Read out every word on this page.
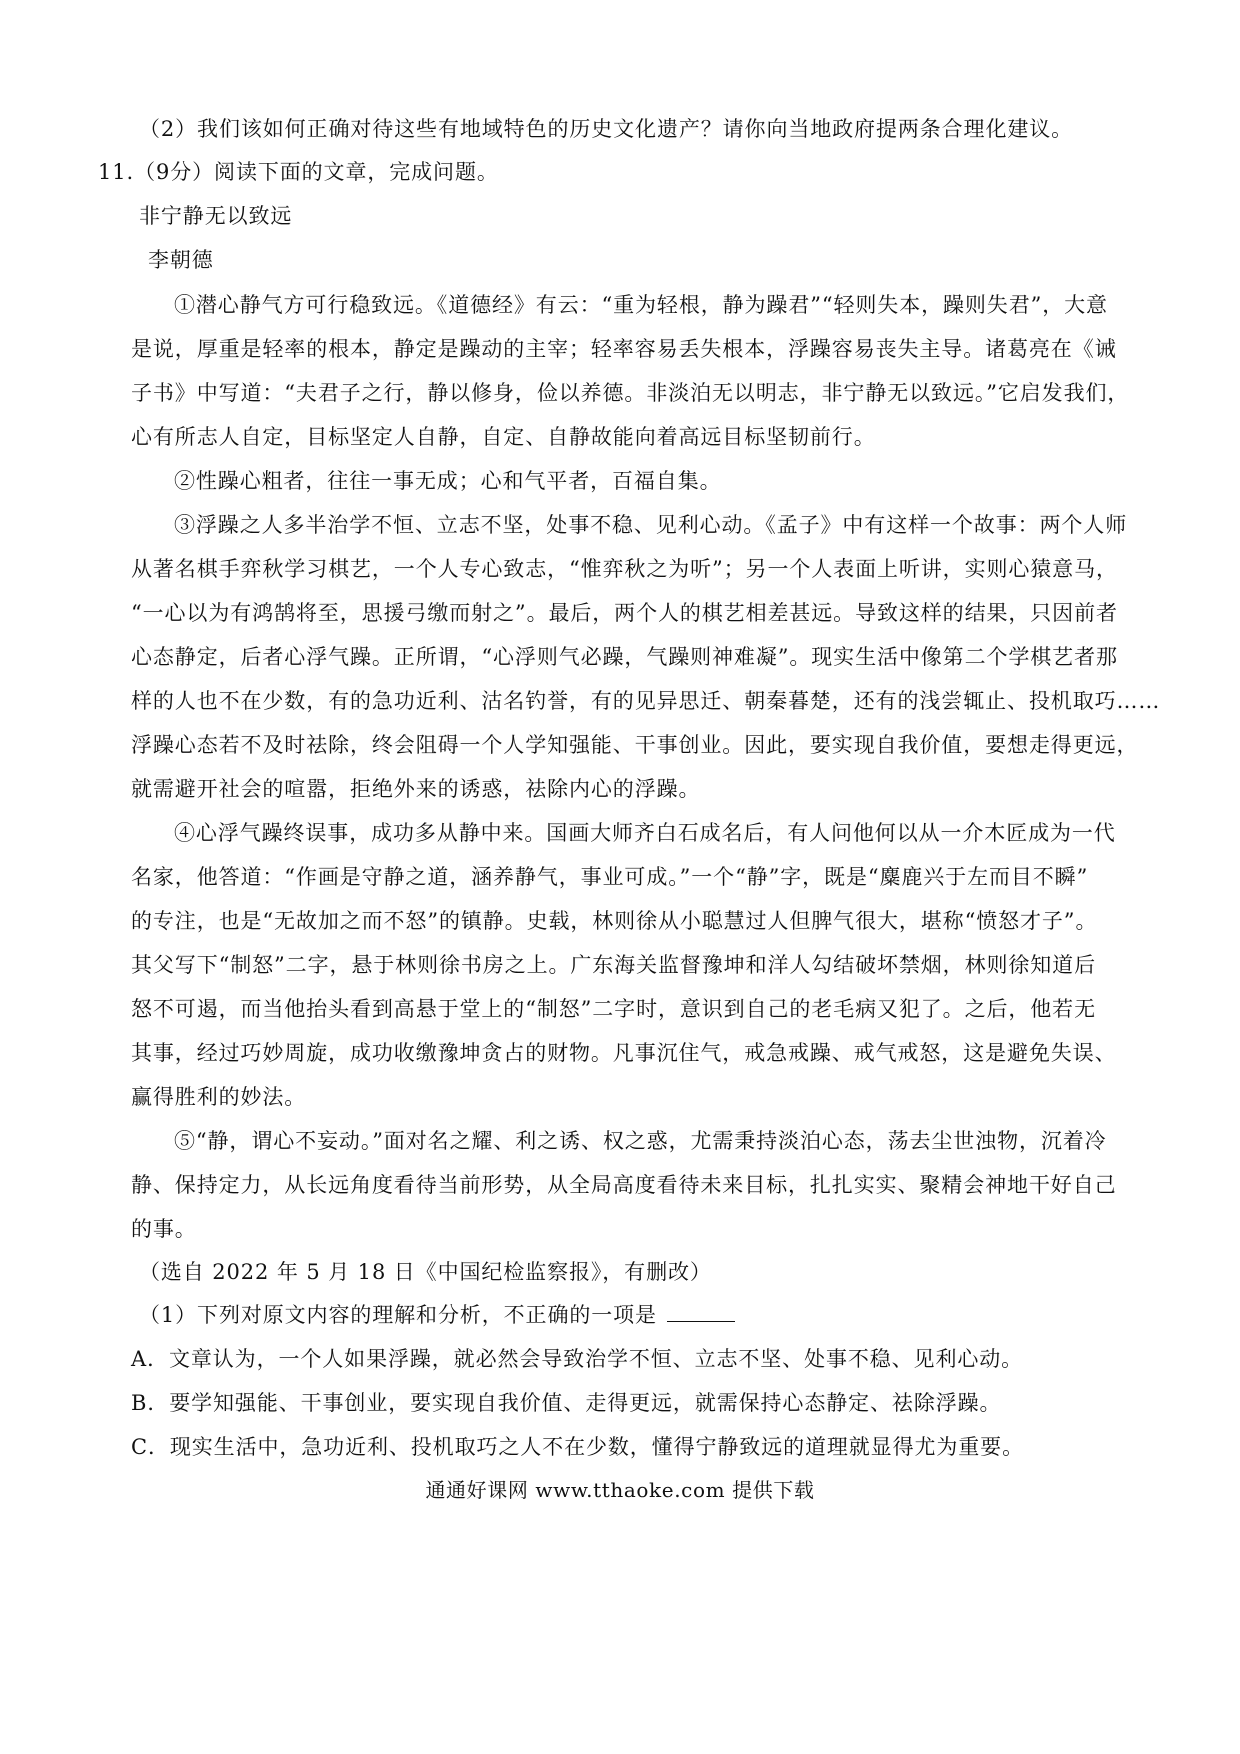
（2）我们该如何正确对待这些有地域特色的历史文化遗产？请你向当地政府提两条合理化建议。

11.（9分）阅读下面的文章，完成问题。

非宁静无以致远

李朝德

①潜心静气方可行稳致远。《道德经》有云：“重为轻根，静为躁君”“轻则失本，躁则失君”，大意

是说，厚重是轻率的根本，静定是躁动的主宰；轻率容易丢失根本，浮躁容易丧失主导。诸葛亮在《诫

子书》中写道：“夫君子之行，静以修身，俭以养德。非淡泊无以明志，非宁静无以致远。”它启发我们，

心有所志人自定，目标坚定人自静，自定、自静故能向着高远目标坚韧前行。

②性躁心粗者，往往一事无成；心和气平者，百福自集。

③浮躁之人多半治学不恒、立志不坚，处事不稳、见利心动。《孟子》中有这样一个故事：两个人师

从著名棋手弈秋学习棋艺，一个人专心致志，“惟弈秋之为听”；另一个人表面上听讲，实则心猿意马，

“一心以为有鸿鹄将至，思援弓缴而射之”。最后，两个人的棋艺相差甚远。导致这样的结果，只因前者

心态静定，后者心浮气躁。正所谓，“心浮则气必躁，气躁则神难凝”。现实生活中像第二个学棋艺者那

样的人也不在少数，有的急功近利、沽名钓誉，有的见异思迁、朝秦暮楚，还有的浅尝辄止、投机取巧……

浮躁心态若不及时祛除，终会阻碍一个人学知强能、干事创业。因此，要实现自我价值，要想走得更远，

就需避开社会的喧嚣，拒绝外来的诱惑，祛除内心的浮躁。

④心浮气躁终误事，成功多从静中来。国画大师齐白石成名后，有人问他何以从一介木匠成为一代

名家，他答道：“作画是守静之道，涵养静气，事业可成。”一个“静”字，既是“麋鹿兴于左而目不瞬”

的专注，也是“无故加之而不怒”的镇静。史载，林则徐从小聪慧过人但脾气很大，堪称“愤怒才子”。

其父写下“制怒”二字，悬于林则徐书房之上。广东海关监督豫坤和洋人勾结破坏禁烟，林则徐知道后

怒不可遏，而当他抬头看到高悬于堂上的“制怒”二字时，意识到自己的老毛病又犯了。之后，他若无

其事，经过巧妙周旋，成功收缴豫坤贪占的财物。凡事沉住气，戒急戒躁、戒气戒怒，这是避免失误、

赢得胜利的妙法。

⑤“静，谓心不妄动。”面对名之耀、利之诱、权之惑，尤需秉持淡泊心态，荡去尘世浊物，沉着冷

静、保持定力，从长远角度看待当前形势，从全局高度看待未来目标，扎扎实实、聚精会神地干好自己

的事。

（选自 2022 年 5 月 18 日《中国纪检监察报》，有删改）

（1）下列对原文内容的理解和分析，不正确的一项是

A．文章认为，一个人如果浮躁，就必然会导致治学不恒、立志不坚、处事不稳、见利心动。

B．要学知强能、干事创业，要实现自我价值、走得更远，就需保持心态静定、祛除浮躁。

C．现实生活中，急功近利、投机取巧之人不在少数，懂得宁静致远的道理就显得尤为重要。

通通好课网 www.tthaoke.com 提供下载
